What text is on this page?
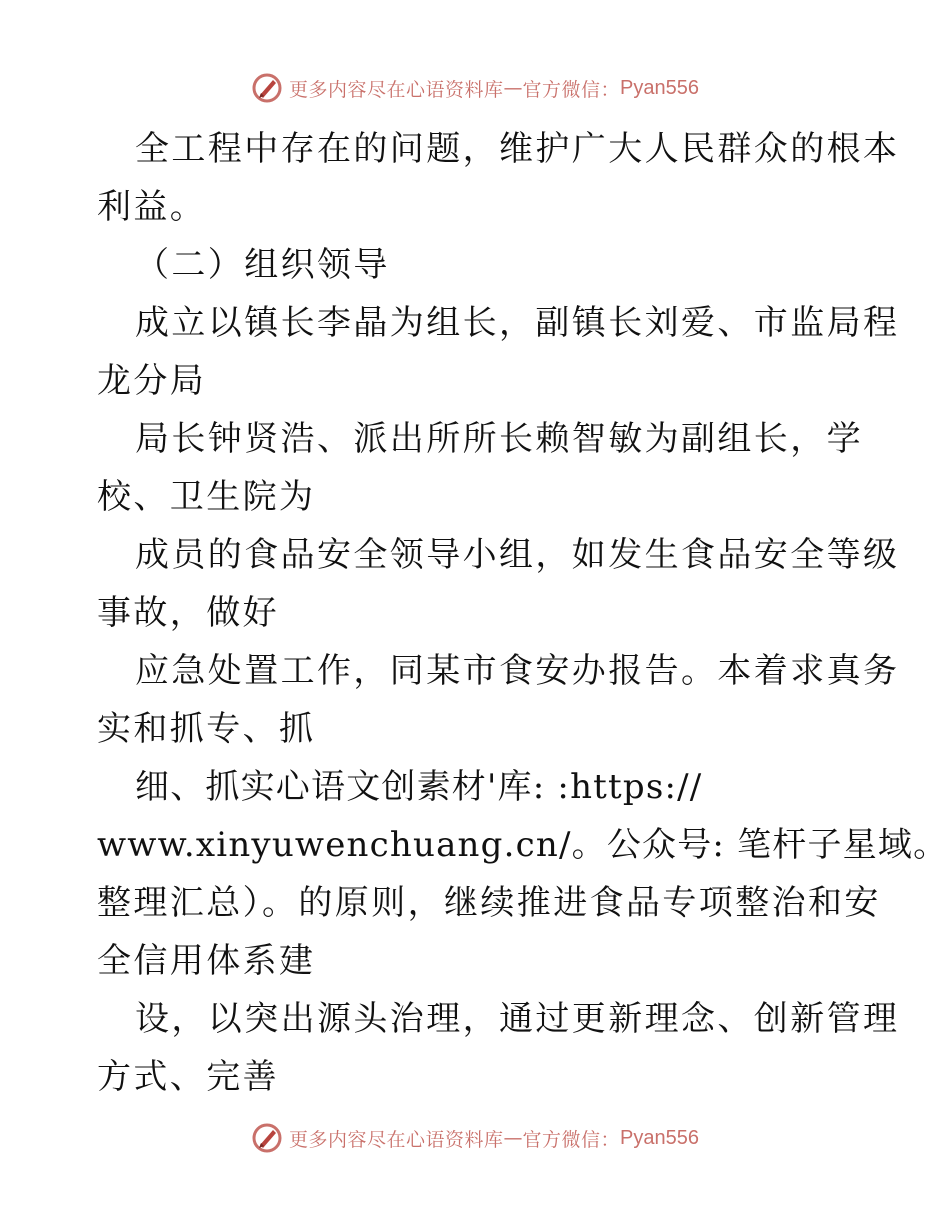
更多内容尽在心语资料库 — 官方微信： Pyan556
全工程中存在的问题，维护广大人民群众的根本
利益。
（二）组织领导
成立以镇长李晶为组长，副镇长刘爱、市监局程
龙分局
局长钟贤浩、派出所所长赖智敏为副组长，学
校、卫生院为
成员的食品安全领导小组，如发生食品安全等级
事故，做好
应急处置工作，同某市食安办报告。本着求真务
实和抓专、抓
细、抓实心语文创素材'库: :https://
www.xinyuwenchuang.cn/。公众号: 笔杆子星域。
整理汇总）。的原则，继续推进食品专项整治和安
全信用体系建
设，以突出源头治理，通过更新理念、创新管理
方式、完善
更多内容尽在心语资料库 — 官方微信： Pyan556
